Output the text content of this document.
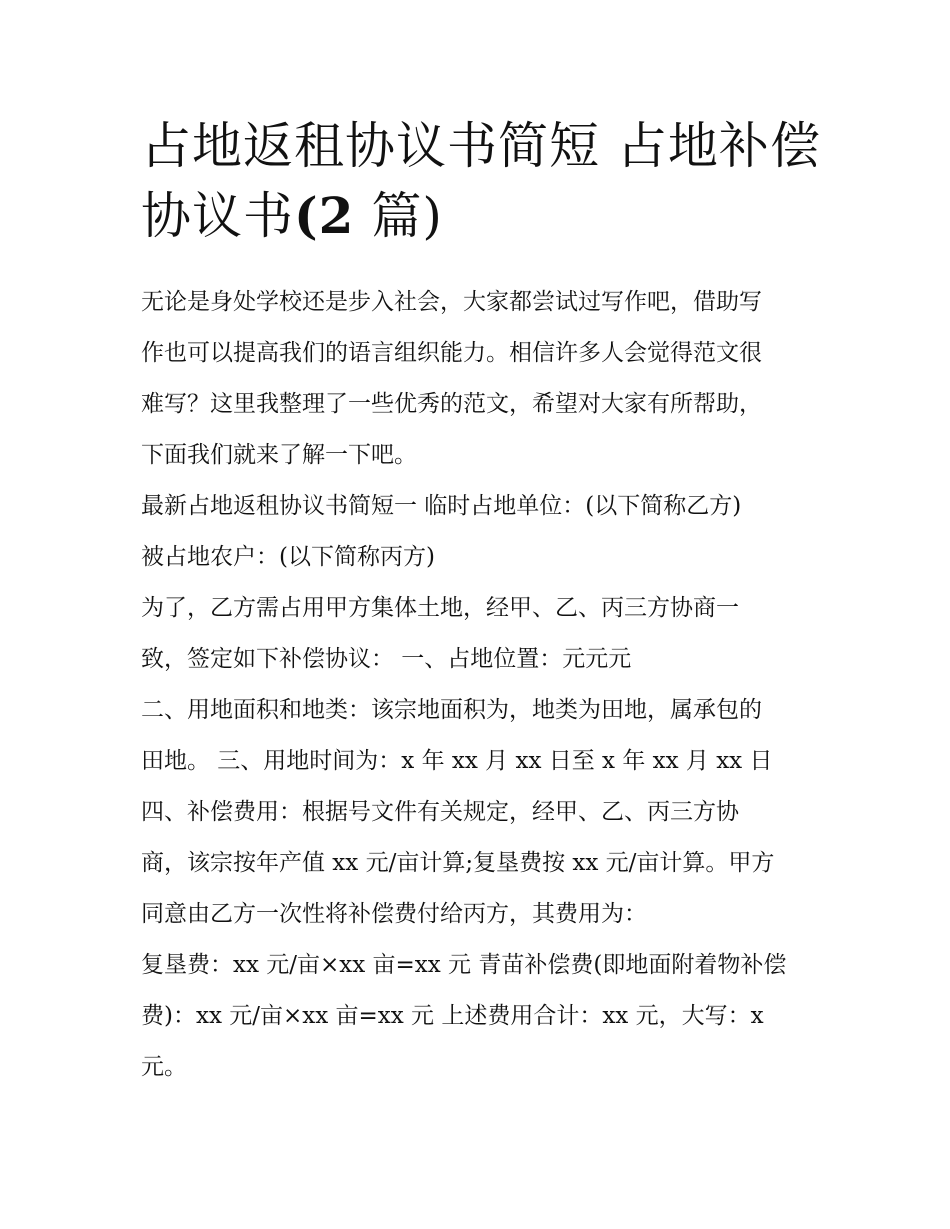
占地返租协议书简短 占地补偿
协议书(2 篇)

无论是身处学校还是步入社会，大家都尝试过写作吧，借助写
作也可以提高我们的语言组织能力。相信许多人会觉得范文很
难写？这里我整理了一些优秀的范文，希望对大家有所帮助，
下面我们就来了解一下吧。

最新占地返租协议书简短一 临时占地单位：(以下简称乙方)

被占地农户：(以下简称丙方)

为了，乙方需占用甲方集体土地，经甲、乙、丙三方协商一
致，签定如下补偿协议： 一、占地位置：元元元

二、用地面积和地类：该宗地面积为，地类为田地，属承包的
田地。 三、用地时间为：x 年 xx 月 xx 日至 x 年 xx 月 xx 日

四、补偿费用：根据号文件有关规定，经甲、乙、丙三方协
商，该宗按年产值 xx 元/亩计算;复垦费按 xx 元/亩计算。甲方
同意由乙方一次性将补偿费付给丙方，其费用为：

复垦费：xx 元/亩×xx 亩=xx 元 青苗补偿费(即地面附着物补偿
费)：xx 元/亩×xx 亩=xx 元 上述费用合计：xx 元，大写：x
元。
